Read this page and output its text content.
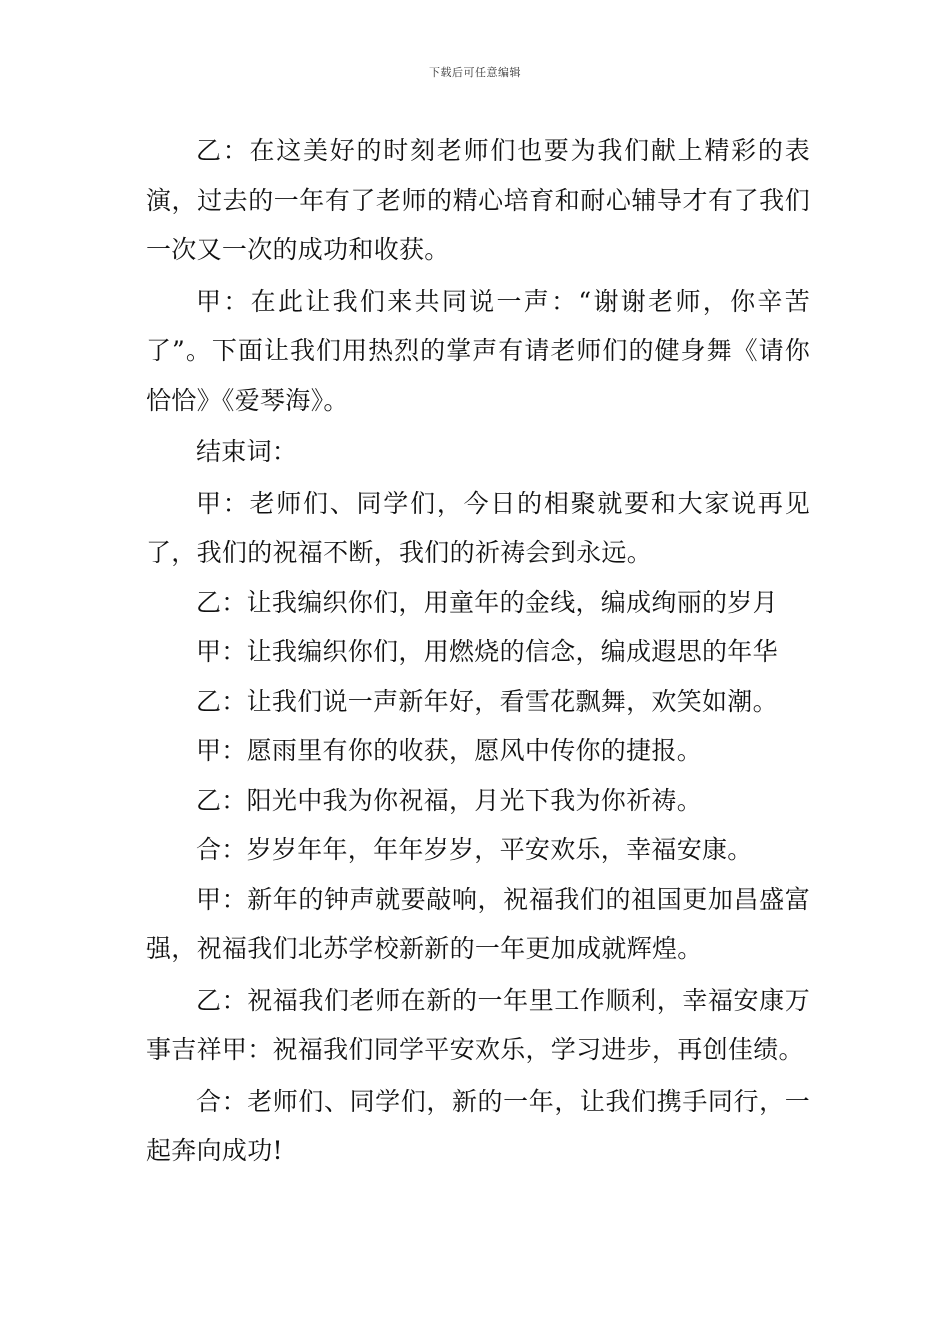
下载后可任意编辑

乙：在这美好的时刻老师们也要为我们献上精彩的表演，过去的一年有了老师的精心培育和耐心辅导才有了我们一次又一次的成功和收获。

甲：在此让我们来共同说一声：“谢谢老师，你辛苦了”。下面让我们用热烈的掌声有请老师们的健身舞《请你恰恰》《爱琴海》。

结束词：

甲：老师们、同学们，今日的相聚就要和大家说再见了，我们的祝福不断，我们的祈祷会到永远。

乙：让我编织你们，用童年的金线，编成绚丽的岁月

甲：让我编织你们，用燃烧的信念，编成遐思的年华

乙：让我们说一声新年好，看雪花飘舞，欢笑如潮。

甲：愿雨里有你的收获，愿风中传你的捷报。

乙：阳光中我为你祝福，月光下我为你祈祷。

合：岁岁年年，年年岁岁，平安欢乐，幸福安康。

甲：新年的钟声就要敲响，祝福我们的祖国更加昌盛富强，祝福我们北苏学校新新的一年更加成就辉煌。

乙：祝福我们老师在新的一年里工作顺利，幸福安康万事吉祥甲：祝福我们同学平安欢乐，学习进步，再创佳绩。

合：老师们、同学们，新的一年，让我们携手同行，一起奔向成功!
